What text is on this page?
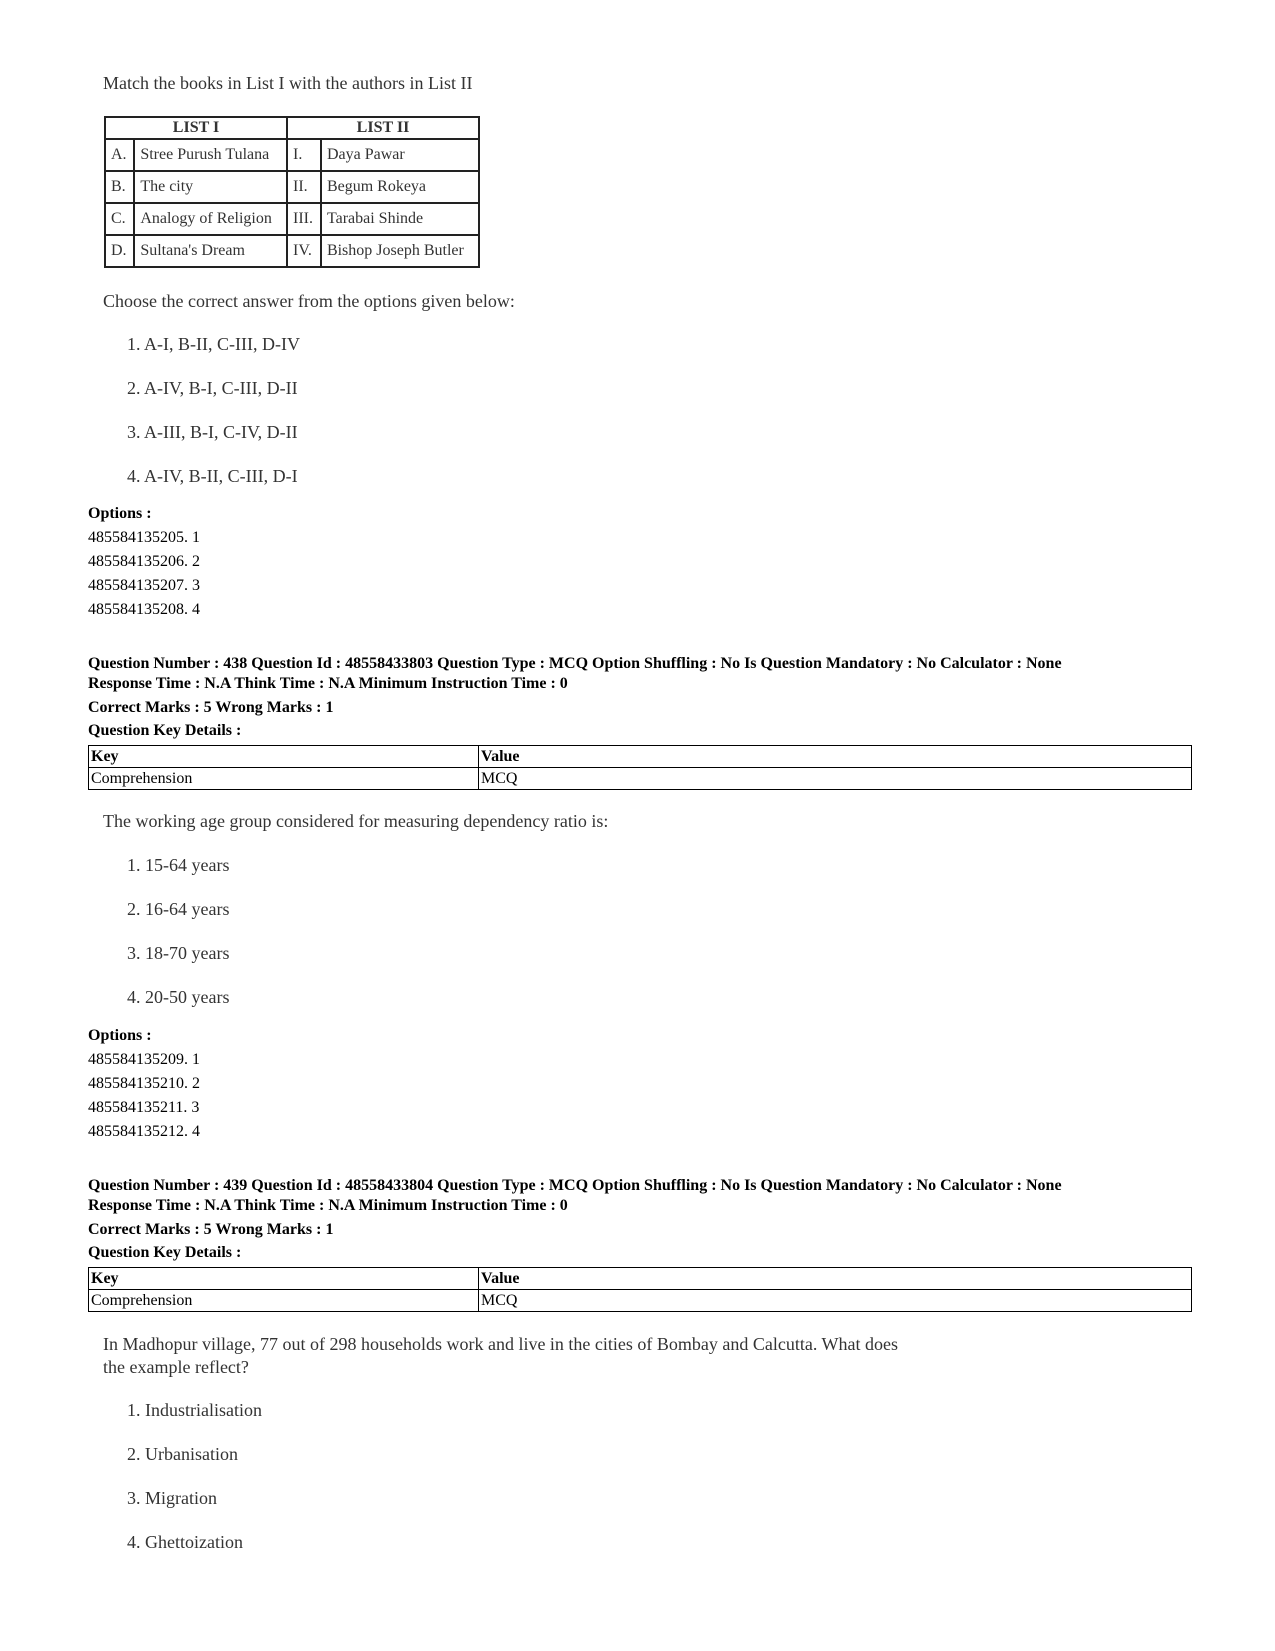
Match the books in List I with the authors in List II
LIST I		LIST II	
A.	Stree Purush Tulana	I.	Daya Pawar
B.	The city	II.	Begum Rokeya
C.	Analogy of Religion	III.	Tarabai Shinde
D.	Sultana's Dream	IV.	Bishop Joseph Butler
Choose the correct answer from the options given below:
1. A-I, B-II, C-III, D-IV
2. A-IV, B-I, C-III, D-II
3. A-III, B-I, C-IV, D-II
4. A-IV, B-II, C-III, D-I
Options :
485584135205. 1
485584135206. 2
485584135207. 3
485584135208. 4
Question Number : 438 Question Id : 48558433803 Question Type : MCQ Option Shuffling : No Is Question Mandatory : No Calculator : None
Response Time : N.A Think Time : N.A Minimum Instruction Time : 0
Correct Marks : 5 Wrong Marks : 1
Question Key Details :
Key	Value
Comprehension	MCQ
The working age group considered for measuring dependency ratio is:
1. 15-64 years
2. 16-64 years
3. 18-70 years
4. 20-50 years
Options :
485584135209. 1
485584135210. 2
485584135211. 3
485584135212. 4
Question Number : 439 Question Id : 48558433804 Question Type : MCQ Option Shuffling : No Is Question Mandatory : No Calculator : None
Response Time : N.A Think Time : N.A Minimum Instruction Time : 0
Correct Marks : 5 Wrong Marks : 1
Question Key Details :
Key	Value
Comprehension	MCQ
In Madhopur village, 77 out of 298 households work and live in the cities of Bombay and Calcutta. What does
the example reflect?
1. Industrialisation
2. Urbanisation
3. Migration
4. Ghettoization
